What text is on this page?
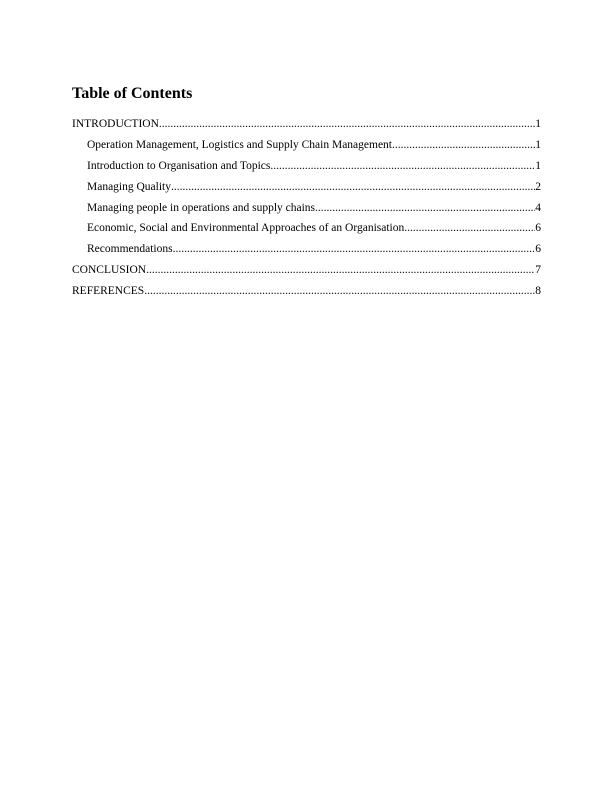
Table of Contents
INTRODUCTION .....	1
Operation Management, Logistics and Supply Chain Management .....	1
Introduction to Organisation and Topics .....	1
Managing Quality .....	2
Managing people in operations and supply chains .....	4
Economic, Social and Environmental Approaches of an Organisation .....	6
Recommendations .....	6
CONCLUSION .....	7
REFERENCES .....	8
